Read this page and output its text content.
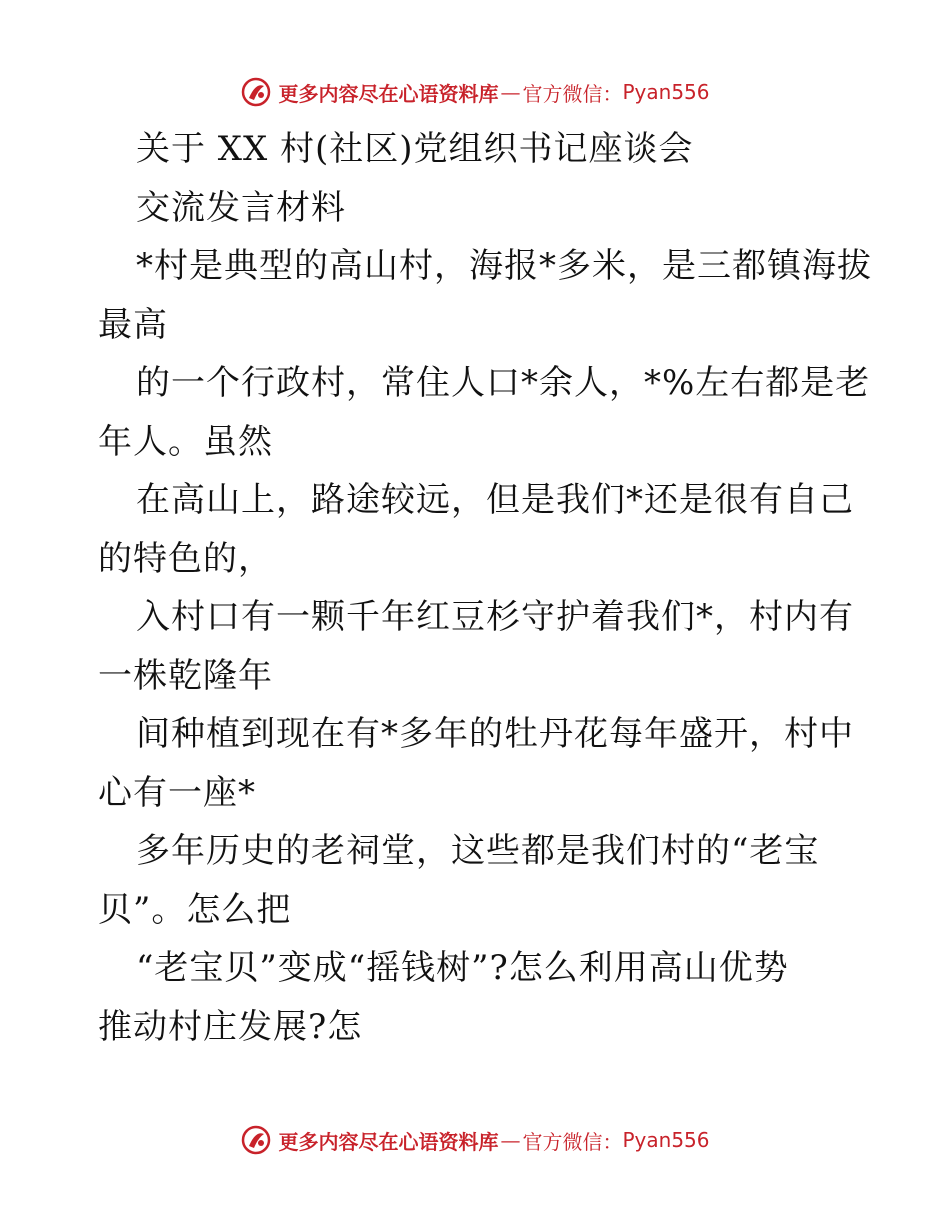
更多内容尽在心语资料库 — 官方微信： Pyan556
关于 XX 村(社区)党组织书记座谈会
交流发言材料
*村是典型的高山村，海报*多米，是三都镇海拔
最高
的一个行政村，常住人口*余人，*%左右都是老
年人。虽然
在高山上，路途较远，但是我们*还是很有自己
的特色的，
入村口有一颗千年红豆杉守护着我们*，村内有
一株乾隆年
间种植到现在有*多年的牡丹花每年盛开，村中
心有一座*
多年历史的老祠堂，这些都是我们村的“老宝
贝”。怎么把
“老宝贝”变成“摇钱树”?怎么利用高山优势
推动村庄发展?怎
更多内容尽在心语资料库 — 官方微信： Pyan556
